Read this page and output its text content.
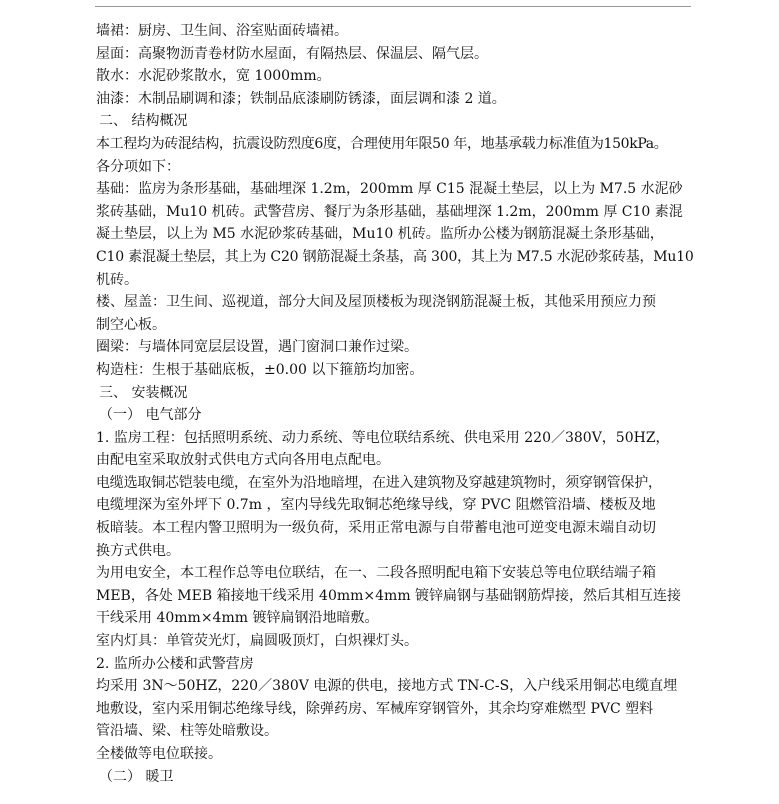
墙裙：厨房、卫生间、浴室贴面砖墙裙。
屋面：高聚物沥青卷材防水屋面，有隔热层、保温层、隔气层。
散水：水泥砂浆散水，宽 1000mm。
油漆：木制品刷调和漆；铁制品底漆刷防锈漆，面层调和漆 2 道。
二、 结构概况
本工程均为砖混结构，抗震设防烈度6度，合理使用年限50 年，地基承载力标准值为150kPa。
各分项如下：
基础：监房为条形基础，基础埋深 1.2m，200mm 厚 C15 混凝土垫层，以上为 M7.5 水泥砂
浆砖基础，Mu10 机砖。武警营房、餐厅为条形基础，基础埋深 1.2m，200mm 厚 C10 素混
凝土垫层，以上为 M5 水泥砂浆砖基础，Mu10 机砖。监所办公楼为钢筋混凝土条形基础，
C10 素混凝土垫层，其上为 C20 钢筋混凝土条基，高 300，其上为 M7.5 水泥砂浆砖基，Mu10
机砖。
楼、屋盖：卫生间、巡视道，部分大间及屋顶楼板为现浇钢筋混凝土板，其他采用预应力预
制空心板。
圈梁：与墙体同宽层层设置，遇门窗洞口兼作过梁。
构造柱：生根于基础底板，±0.00 以下箍筋均加密。
三、 安装概况
（一） 电气部分
1. 监房工程：包括照明系统、动力系统、等电位联结系统、供电采用 220／380V，50HZ，
由配电室采取放射式供电方式向各用电点配电。
电缆选取铜芯铠装电缆，在室外为沿地暗埋，在进入建筑物及穿越建筑物时，须穿钢管保护，
电缆埋深为室外坪下 0.7m ，室内导线先取铜芯绝缘导线，穿 PVC 阻燃管沿墙、楼板及地
板暗装。本工程内警卫照明为一级负荷，采用正常电源与自带蓄电池可逆变电源末端自动切
换方式供电。
为用电安全，本工程作总等电位联结，在一、二段各照明配电箱下安装总等电位联结端子箱
MEB，各处 MEB 箱接地干线采用 40mm×4mm 镀锌扁钢与基础钢筋焊接，然后其相互连接
干线采用 40mm×4mm 镀锌扁钢沿地暗敷。
室内灯具：单管荧光灯，扁圆吸顶灯，白炽裸灯头。
2. 监所办公楼和武警营房
均采用 3N～50HZ，220／380V 电源的供电，接地方式 TN-C-S，入户线采用铜芯电缆直埋
地敷设，室内采用铜芯绝缘导线，除弹药房、军械库穿钢管外，其余均穿难燃型 PVC 塑料
管沿墙、梁、柱等处暗敷设。
全楼做等电位联接。
（二） 暖卫
